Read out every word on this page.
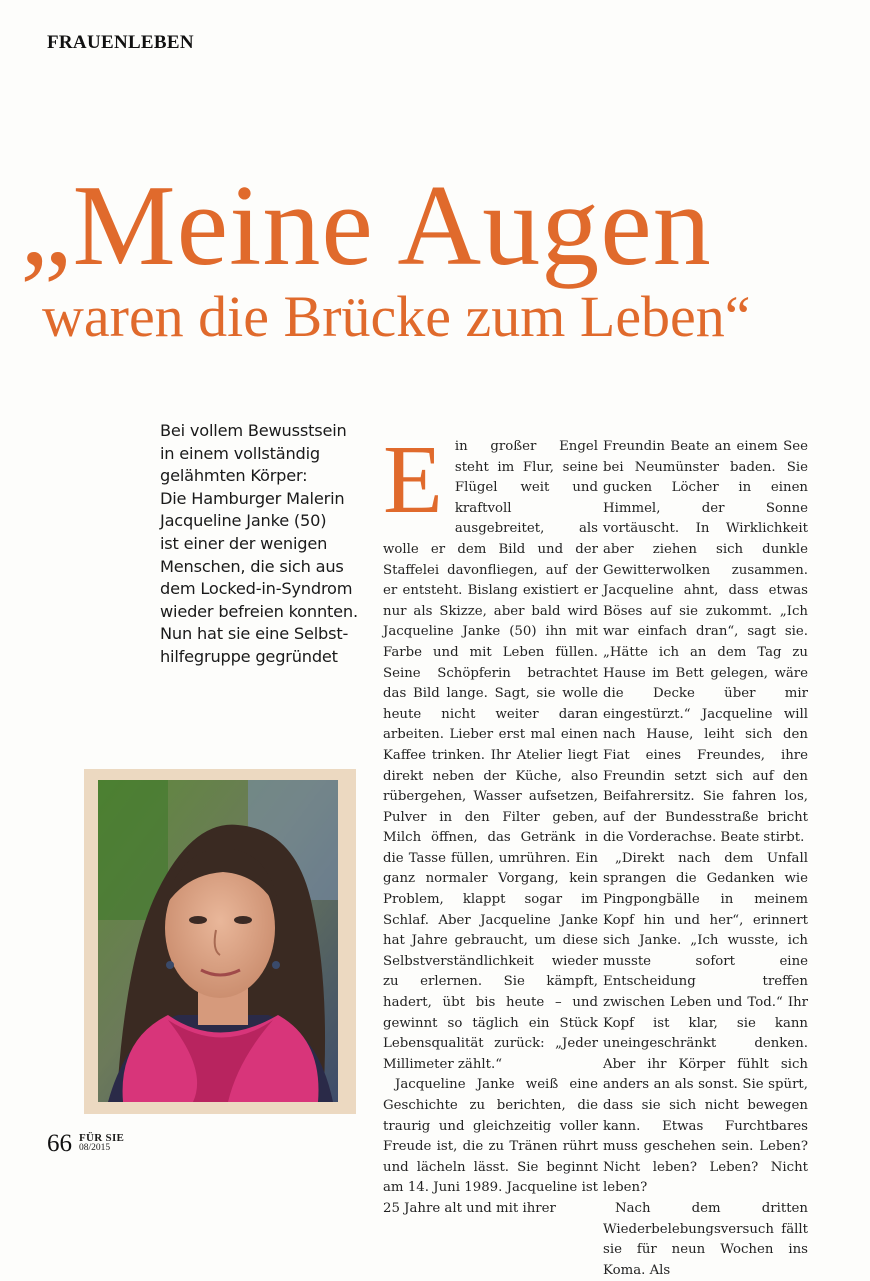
FRAUENLEBEN
„Meine Augen
waren die Brücke zum Leben“
Bei vollem Bewusstsein
in einem vollständig
gelähmten Körper:
Die Hamburger Malerin
Jacqueline Janke (50)
ist einer der wenigen
Menschen, die sich aus
dem Locked-in-Syndrom
wieder befreien konnten.
Nun hat sie eine Selbst-
hilfegruppe gegründet

Ein großer Engel steht im Flur, seine Flügel weit und kraftvoll ausgebreitet, als wolle er dem Bild und der Staffelei davonfliegen, auf der er entsteht. Bislang existiert er nur als Skizze, aber bald wird Jacqueline Janke (50) ihn mit Farbe und mit Leben füllen. Seine Schöpferin betrachtet das Bild lange. Sagt, sie wolle heute nicht weiter daran arbeiten. Lieber erst mal einen Kaffee trinken. Ihr Atelier liegt direkt neben der Küche, also rübergehen, Wasser aufsetzen, Pulver in den Filter geben, Milch öffnen, das Getränk in die Tasse füllen, umrühren. Ein ganz normaler Vorgang, kein Problem, klappt sogar im Schlaf. Aber Jacqueline Janke hat Jahre gebraucht, um diese Selbstverständlichkeit wieder zu erlernen. Sie kämpft, hadert, übt bis heute – und gewinnt so täglich ein Stück Lebensqualität zurück: „Jeder Millimeter zählt.“

Jacqueline Janke weiß eine Geschichte zu berichten, die traurig und gleichzeitig voller Freude ist, die zu Tränen rührt und lächeln lässt. Sie beginnt am 14. Juni 1989. Jacqueline ist 25 Jahre alt und mit ihrer

Freundin Beate an einem See bei Neumünster baden. Sie gucken Löcher in einen Himmel, der Sonne vortäuscht. In Wirklichkeit aber ziehen sich dunkle Gewitterwolken zusammen. Jacqueline ahnt, dass etwas Böses auf sie zukommt. „Ich war einfach dran“, sagt sie. „Hätte ich an dem Tag zu Hause im Bett gelegen, wäre die Decke über mir eingestürzt.“ Jacqueline will nach Hause, leiht sich den Fiat eines Freundes, ihre Freundin setzt sich auf den Beifahrersitz. Sie fahren los, auf der Bundesstraße bricht die Vorderachse. Beate stirbt.

„Direkt nach dem Unfall sprangen die Gedanken wie Pingpongbälle in meinem Kopf hin und her“, erinnert sich Janke. „Ich wusste, ich musste sofort eine Entscheidung treffen zwischen Leben und Tod.“ Ihr Kopf ist klar, sie kann uneingeschränkt denken. Aber ihr Körper fühlt sich anders an als sonst. Sie spürt, dass sie sich nicht bewegen kann. Etwas Furchtbares muss geschehen sein. Leben? Nicht leben? Leben? Nicht leben?

Nach dem dritten Wiederbelebungsversuch fällt sie für neun Wochen ins Koma. Als

66 FÜR SIE
08/2015
